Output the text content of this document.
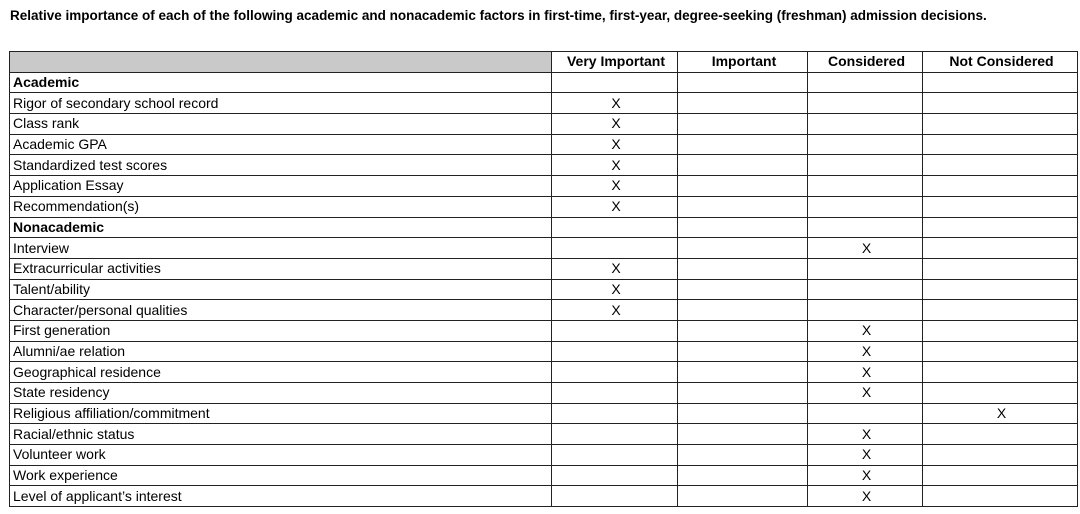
Relative importance of each of the following academic and nonacademic factors in first-time, first-year, degree-seeking (freshman) admission decisions.
	Very Important	Important	Considered	Not Considered
Academic				
Rigor of secondary school record	X			
Class rank	X			
Academic GPA	X			
Standardized test scores	X			
Application Essay	X			
Recommendation(s)	X			
Nonacademic				
Interview			X	
Extracurricular activities	X			
Talent/ability	X			
Character/personal qualities	X			
First generation			X	
Alumni/ae relation			X	
Geographical residence			X	
State residency			X	
Religious affiliation/commitment				X
Racial/ethnic status			X	
Volunteer work			X	
Work experience			X	
Level of applicant’s interest			X	
